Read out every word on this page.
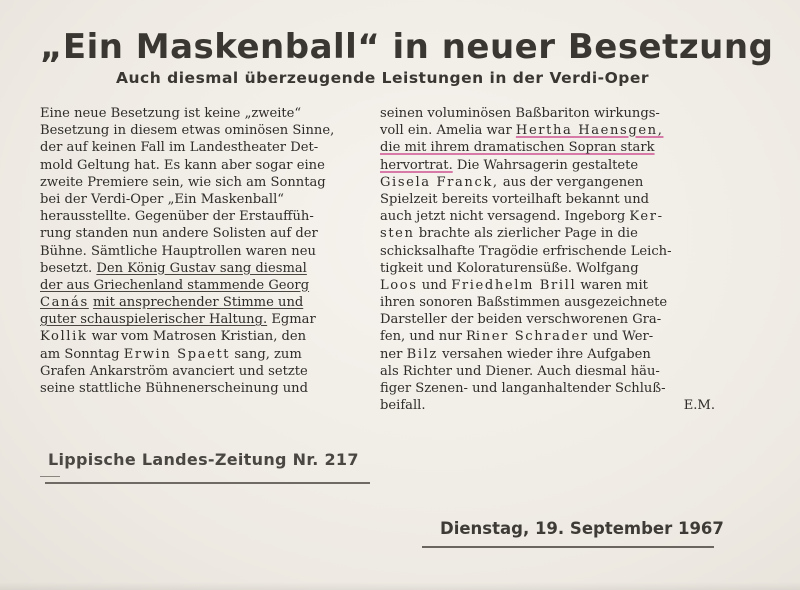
„Ein Maskenball“ in neuer Besetzung
Auch diesmal überzeugende Leistungen in der Verdi-Oper
Eine neue Besetzung ist keine „zweite“
Besetzung in diesem etwas ominösen Sinne,
der auf keinen Fall im Landestheater Det-
mold Geltung hat. Es kann aber sogar eine
zweite Premiere sein, wie sich am Sonntag
bei der Verdi-Oper „Ein Maskenball“
herausstellte. Gegenüber der Erstauffüh-
rung standen nun andere Solisten auf der
Bühne. Sämtliche Hauptrollen waren neu
besetzt. Den König Gustav sang diesmal
der aus Griechenland stammende Georg
Canás mit ansprechender Stimme und
guter schauspielerischer Haltung. Egmar
Kollik war vom Matrosen Kristian, den
am Sonntag Erwin Spaett sang, zum
Grafen Ankarström avanciert und setzte
seine stattliche Bühnenerscheinung und
seinen voluminösen Baßbariton wirkungs-
voll ein. Amelia war Hertha Haensgen,
die mit ihrem dramatischen Sopran stark
hervortrat. Die Wahrsagerin gestaltete
Gisela Franck, aus der vergangenen
Spielzeit bereits vorteilhaft bekannt und
auch jetzt nicht versagend. Ingeborg Ker-
sten brachte als zierlicher Page in die
schicksalhafte Tragödie erfrischende Leich-
tigkeit und Koloraturensüße. Wolfgang
Loos und Friedhelm Brill waren mit
ihren sonoren Baßstimmen ausgezeichnete
Darsteller der beiden verschworenen Gra-
fen, und nur Riner Schrader und Wer-
ner Bilz versahen wieder ihre Aufgaben
als Richter und Diener. Auch diesmal häu-
figer Szenen- und langanhaltender Schluß-
beifall.	E.M.
Lippische Landes-Zeitung Nr. 217
Dienstag, 19. September 1967
